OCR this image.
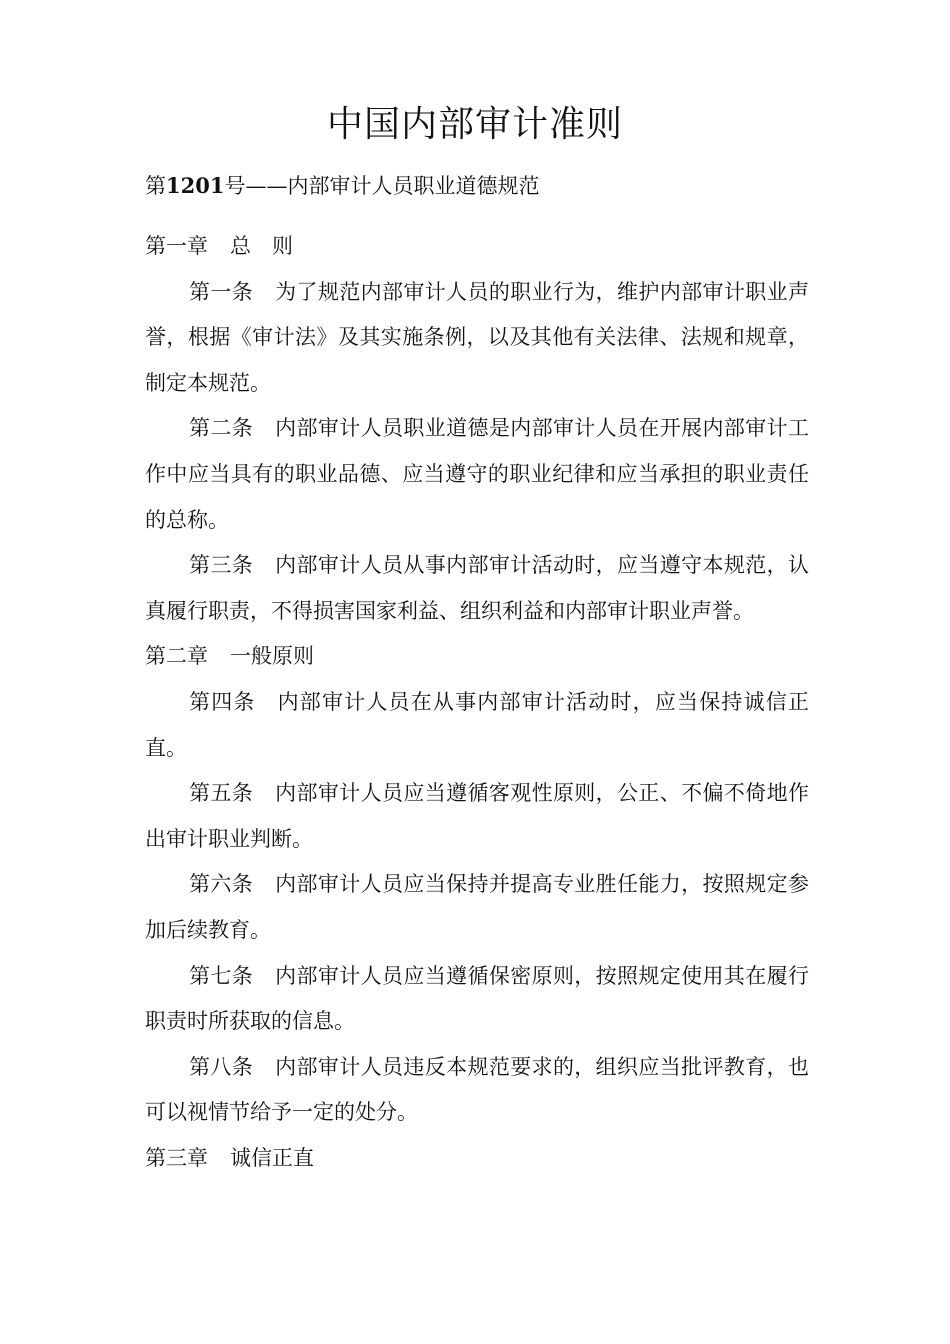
中国内部审计准则
第1201号——内部审计人员职业道德规范

第一章 总　则

第一条 为了规范内部审计人员的职业行为，维护内部审计职业声誉，根据《审计法》及其实施条例，以及其他有关法律、法规和规章，制定本规范。

第二条 内部审计人员职业道德是内部审计人员在开展内部审计工作中应当具有的职业品德、应当遵守的职业纪律和应当承担的职业责任的总称。

第三条 内部审计人员从事内部审计活动时，应当遵守本规范，认真履行职责，不得损害国家利益、组织利益和内部审计职业声誉。

第二章 一般原则

第四条 内部审计人员在从事内部审计活动时，应当保持诚信正直。

第五条 内部审计人员应当遵循客观性原则，公正、不偏不倚地作出审计职业判断。

第六条 内部审计人员应当保持并提高专业胜任能力，按照规定参加后续教育。

第七条 内部审计人员应当遵循保密原则，按照规定使用其在履行职责时所获取的信息。

第八条 内部审计人员违反本规范要求的，组织应当批评教育，也可以视情节给予一定的处分。

第三章 诚信正直
